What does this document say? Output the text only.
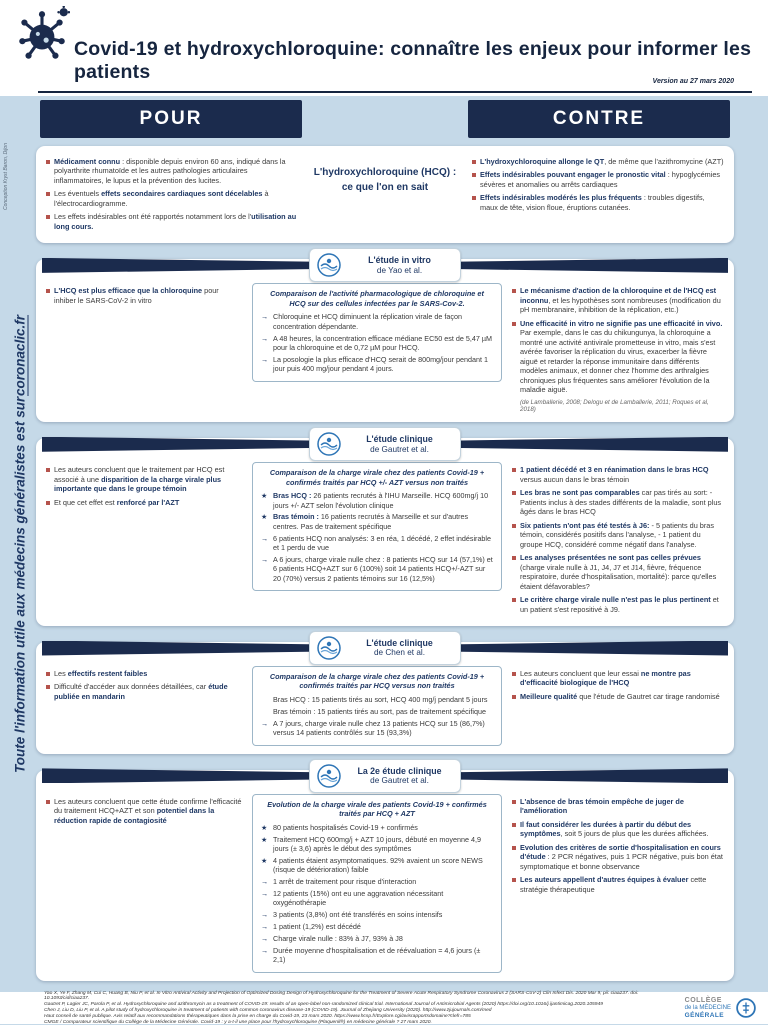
Covid-19 et hydroxychloroquine: connaître les enjeux pour informer les patients	Version au 27 mars 2020
Conception Kryst Baron, Dijon
Toute l'information utile aux médecins généralistes est sur
coronaclic.fr
POUR	CONTRE
Médicament connu : disponible depuis environ 60 ans, indiqué dans la polyarthrite rhumatoïde et les autres pathologies articulaires inflammatoires, le lupus et la prévention des lucites.
Les éventuels effets secondaires cardiaques sont décelables à l'électrocardiogramme.
Les effets indésirables ont été rapportés notamment lors de l'utilisation au long cours.
L'hydroxychloroquine (HCQ) :
ce que l'on en sait
L'hydroxychloroquine allonge le QT, de même que l'azithromycine (AZT)
Effets indésirables pouvant engager le pronostic vital : hypoglycémies sévères et anomalies ou arrêts cardiaques
Effets indésirables modérés les plus fréquents : troubles digestifs, maux de tête, vision floue, éruptions cutanées.
L'étude in vitro
de Yao et al.
L'HCQ est plus efficace que la chloroquine pour inhiber le SARS-CoV-2 in vitro
Comparaison de l'activité pharmacologique de chloroquine et HCQ sur des cellules infectées par le SARS-Cov-2.
→ Chloroquine et HCQ diminuent la réplication virale de façon concentration dépendante.
→ A 48 heures, la concentration efficace médiane EC50 est de 5,47 µM pour la chloroquine et de 0,72 µM pour l'HCQ.
→ La posologie la plus efficace d'HCQ serait de 800mg/jour pendant 1 jour puis 400 mg/jour pendant 4 jours.
Le mécanisme d'action de la chloroquine et de l'HCQ est inconnu, et les hypothèses sont nombreuses (modification du pH membranaire, inhibition de la réplication, etc.)
Une efficacité in vitro ne signifie pas une efficacité in vivo. Par exemple, dans le cas du chikungunya, la chloroquine a montré une activité antivirale prometteuse in vitro, mais s'est avérée favoriser la réplication du virus, exacerber la fièvre aiguë et retarder la réponse immunitaire dans différents modèles animaux, et donner chez l'homme des arthralgies chroniques plus fréquentes sans améliorer l'évolution de la maladie aiguë.
(de Lamballerie, 2008; Delogu et de Lamballerie, 2011; Roques et al, 2018)
L'étude clinique
de Gautret et al.
Les auteurs concluent que le traitement par HCQ est associé à une disparition de la charge virale plus importante que dans le groupe témoin
Et que cet effet est renforcé par l'AZT
Comparaison de la charge virale chez des patients Covid-19 + confirmés traités par HCQ +/- AZT versus non traités
★ Bras HCQ : 26 patients recrutés à l'IHU Marseille. HCQ 600mg/j 10 jours +/- AZT selon l'évolution clinique
★ Bras témoin : 16 patients recrutés à Marseille et sur d'autres centres. Pas de traitement spécifique
→ 6 patients HCQ non analysés: 3 en réa, 1 décédé, 2 effet indésirable et 1 perdu de vue
→ A 6 jours, charge virale nulle chez : 8 patients HCQ sur 14 (57,1%) et 6 patients HCQ+AZT sur 6 (100%) soit 14 patients HCQ+/-AZT sur 20 (70%) versus 2 patients témoins sur 16 (12,5%)
1 patient décédé et 3 en réanimation dans le bras HCQ versus aucun dans le bras témoin
Les bras ne sont pas comparables car pas tirés au sort: - Patients inclus à des stades différents de la maladie, sont plus âgés dans le bras HCQ
Six patients n'ont pas été testés à J6: - 5 patients du bras témoin, considérés positifs dans l'analyse, - 1 patient du groupe HCQ, considéré comme négatif dans l'analyse.
Les analyses présentées ne sont pas celles prévues (charge virale nulle à J1, J4, J7 et J14, fièvre, fréquence respiratoire, durée d'hospitalisation, mortalité): parce qu'elles étaient défavorables?
Le critère charge virale nulle n'est pas le plus pertinent et un patient s'est repositivé à J9.
L'étude clinique
de Chen et al.
Les effectifs restent faibles
Difficulté d'accéder aux données détaillées, car étude publiée en mandarin
Comparaison de la charge virale chez des patients Covid-19 + confirmés traités par HCQ versus non traités
Bras HCQ : 15 patients tirés au sort, HCQ 400 mg/j pendant 5 jours
Bras témoin : 15 patients tirés au sort, pas de traitement spécifique
→ A 7 jours, charge virale nulle chez 13 patients HCQ sur 15 (86,7%) versus 14 patients contrôlés sur 15 (93,3%)
Les auteurs concluent que leur essai ne montre pas d'efficacité biologique de l'HCQ
Meilleure qualité que l'étude de Gautret car tirage randomisé
La 2e étude clinique
de Gautret et al.
Les auteurs concluent que cette étude confirme l'efficacité du traitement HCQ+AZT et son potentiel dans la réduction rapide de contagiosité
Evolution de la charge virale des patients Covid-19 + confirmés traités par HCQ + AZT
★ 80 patients hospitalisés Covid-19 + confirmés
★ Traitement HCQ 600mg/j + AZT 10 jours, débuté en moyenne 4,9 jours (± 3,6) après le début des symptômes
★ 4 patients étaient asymptomatiques. 92% avaient un score NEWS (risque de détérioration) faible
→ 1 arrêt de traitement pour risque d'interaction
→ 12 patients (15%) ont eu une aggravation nécessitant oxygénothérapie
→ 3 patients (3,8%) ont été transférés en soins intensifs
→ 1 patient (1,2%) est décédé
→ Charge virale nulle : 83% à J7, 93% à J8
→ Durée moyenne d'hospitalisation et de réévaluation = 4,6 jours (± 2,1)
L'absence de bras témoin empêche de juger de l'amélioration
Il faut considérer les durées à partir du début des symptômes, soit 5 jours de plus que les durées affichées.
Evolution des critères de sortie d'hospitalisation en cours d'étude : 2 PCR négatives, puis 1 PCR négative, puis bon état symptomatique et bonne observance
Les auteurs appellent d'autres équipes à évaluer cette stratégie thérapeutique
Yao X, Ye F, Zhang M, Cui C, Huang B, Niu P, et al. In Vitro Antiviral Activity and Projection of Optimized Dosing Design of Hydroxychloroquine for the Treatment of Severe Acute Respiratory Syndrome Coronavirus 2 (SARS-CoV-2) Clin Infect Dis. 2020 Mar 9; pii: ciaa237. doi: 10.1093/cid/ciaa237.
Gautret P, Lagier JC, Parola P, et al. Hydroxychloroquine and azithromycin as a treatment of COVID-19: results of an open-label non-randomized clinical trial. International Journal of Antimicrobial Agents (2020) https://doi.org/10.1016/j.ijantimicag.2020.105949
Chen J, Liu D, Liu P, et al. A pilot study of hydroxychloroquine in treatment of patients with common coronavirus disease-19 (COVID-19). Journal of Zhejiang University (2020). http://www.zjujournals.com/med
Haut conseil de santé publique. Avis relatif aux recommandations thérapeutiques dans la prise en charge du Covid-19, 23 mars 2020. https://www.hcsp.fr/Explore.cgi/avisrapportsdomaine?clefr=785
CMGE / Comparateur scientifique du Collège de la Médecine Générale. Covid-19 : y a-t-il une place pour l'hydroxychloroquine (Plaquenil®) en médecine générale ? 27 mars 2020.
COLLÈGE
de la MÉDECINE
GÉNÉRALE
